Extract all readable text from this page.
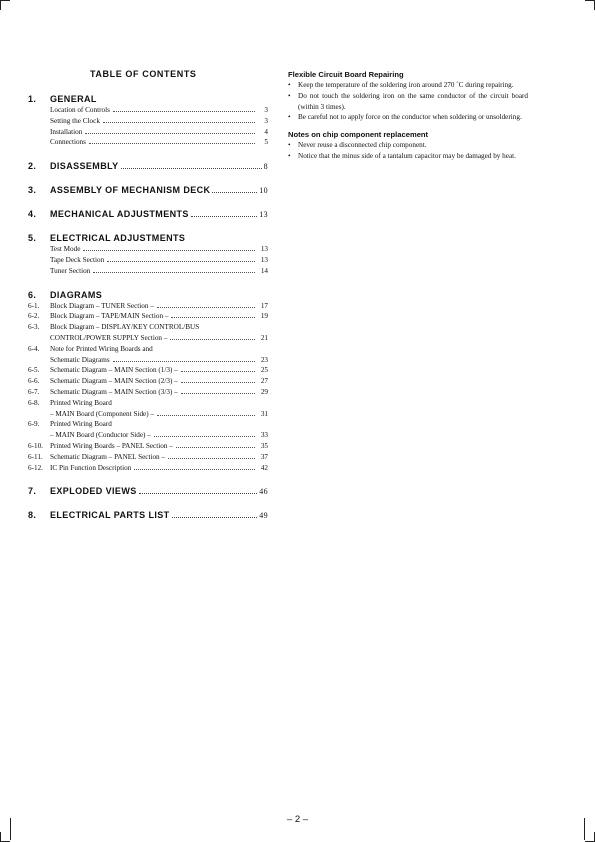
TABLE OF CONTENTS
1.	GENERAL
Location of Controls	3
Setting the Clock	3
Installation	4
Connections	5
2.	DISASSEMBLY	8
3.	ASSEMBLY OF MECHANISM DECK	10
4.	MECHANICAL ADJUSTMENTS	13
5.	ELECTRICAL ADJUSTMENTS
Test Mode	13
Tape Deck Section	13
Tuner Section	14
6.	DIAGRAMS
6-1.	Block Diagram – TUNER Section –	17
6-2.	Block Diagram – TAPE/MAIN Section –	19
6-3.	Block Diagram – DISPLAY/KEY CONTROL/BUS
CONTROL/POWER SUPPLY Section –	21
6-4.	Note for Printed Wiring Boards and
Schematic Diagrams	23
6-5.	Schematic Diagram – MAIN Section (1/3) –	25
6-6.	Schematic Diagram – MAIN Section (2/3) –	27
6-7.	Schematic Diagram – MAIN Section (3/3) –	29
6-8.	Printed Wiring Board
– MAIN Board (Component Side) –	31
6-9.	Printed Wiring Board
– MAIN Board (Conductor Side) –	33
6-10. Printed Wiring Boards – PANEL Section –	35
6-11.	Schematic Diagram – PANEL Section –	37
6-12. IC Pin Function Description	42
7.	EXPLODED VIEWS	46
8.	ELECTRICAL PARTS LIST	49
Flexible Circuit Board Repairing
•	Keep the temperature of the soldering iron around 270 ˚C during repairing.
•	Do not touch the soldering iron on the same conductor of the circuit board (within 3 times).
•	Be careful not to apply force on the conductor when soldering or unsoldering.
Notes on chip component replacement
•	Never reuse a disconnected chip component.
•	Notice that the minus side of a tantalum capacitor may be damaged by heat.
– 2 –
